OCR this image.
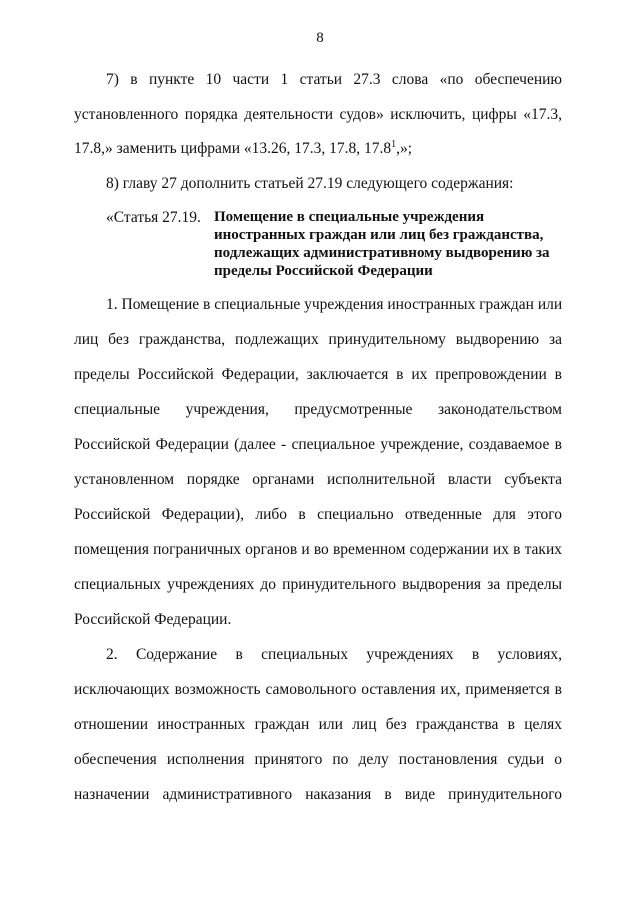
8
7) в пункте 10 части 1 статьи 27.3 слова «по обеспечению
установленного порядка деятельности судов» исключить, цифры «17.3,
17.8,» заменить цифрами «13.26, 17.3, 17.8, 17.8$^1$,»;
8) главу 27 дополнить статьей 27.19 следующего содержания:
«Статья 27.19. Помещение в специальные учреждения
иностранных граждан или лиц без гражданства,
подлежащих административному выдворению за
пределы Российской Федерации
1. Помещение в специальные учреждения иностранных граждан или
лиц без гражданства, подлежащих принудительному выдворению за
пределы Российской Федерации, заключается в их препровождении в
специальные учреждения, предусмотренные законодательством
Российской Федерации (далее - специальное учреждение, создаваемое в
установленном порядке органами исполнительной власти субъекта
Российской Федерации), либо в специально отведенные для этого
помещения пограничных органов и во временном содержании их в таких
специальных учреждениях до принудительного выдворения за пределы
Российской Федерации.
2. Содержание в специальных учреждениях в условиях,
исключающих возможность самовольного оставления их, применяется в
отношении иностранных граждан или лиц без гражданства в целях
обеспечения исполнения принятого по делу постановления судьи о
назначении административного наказания в виде принудительного
